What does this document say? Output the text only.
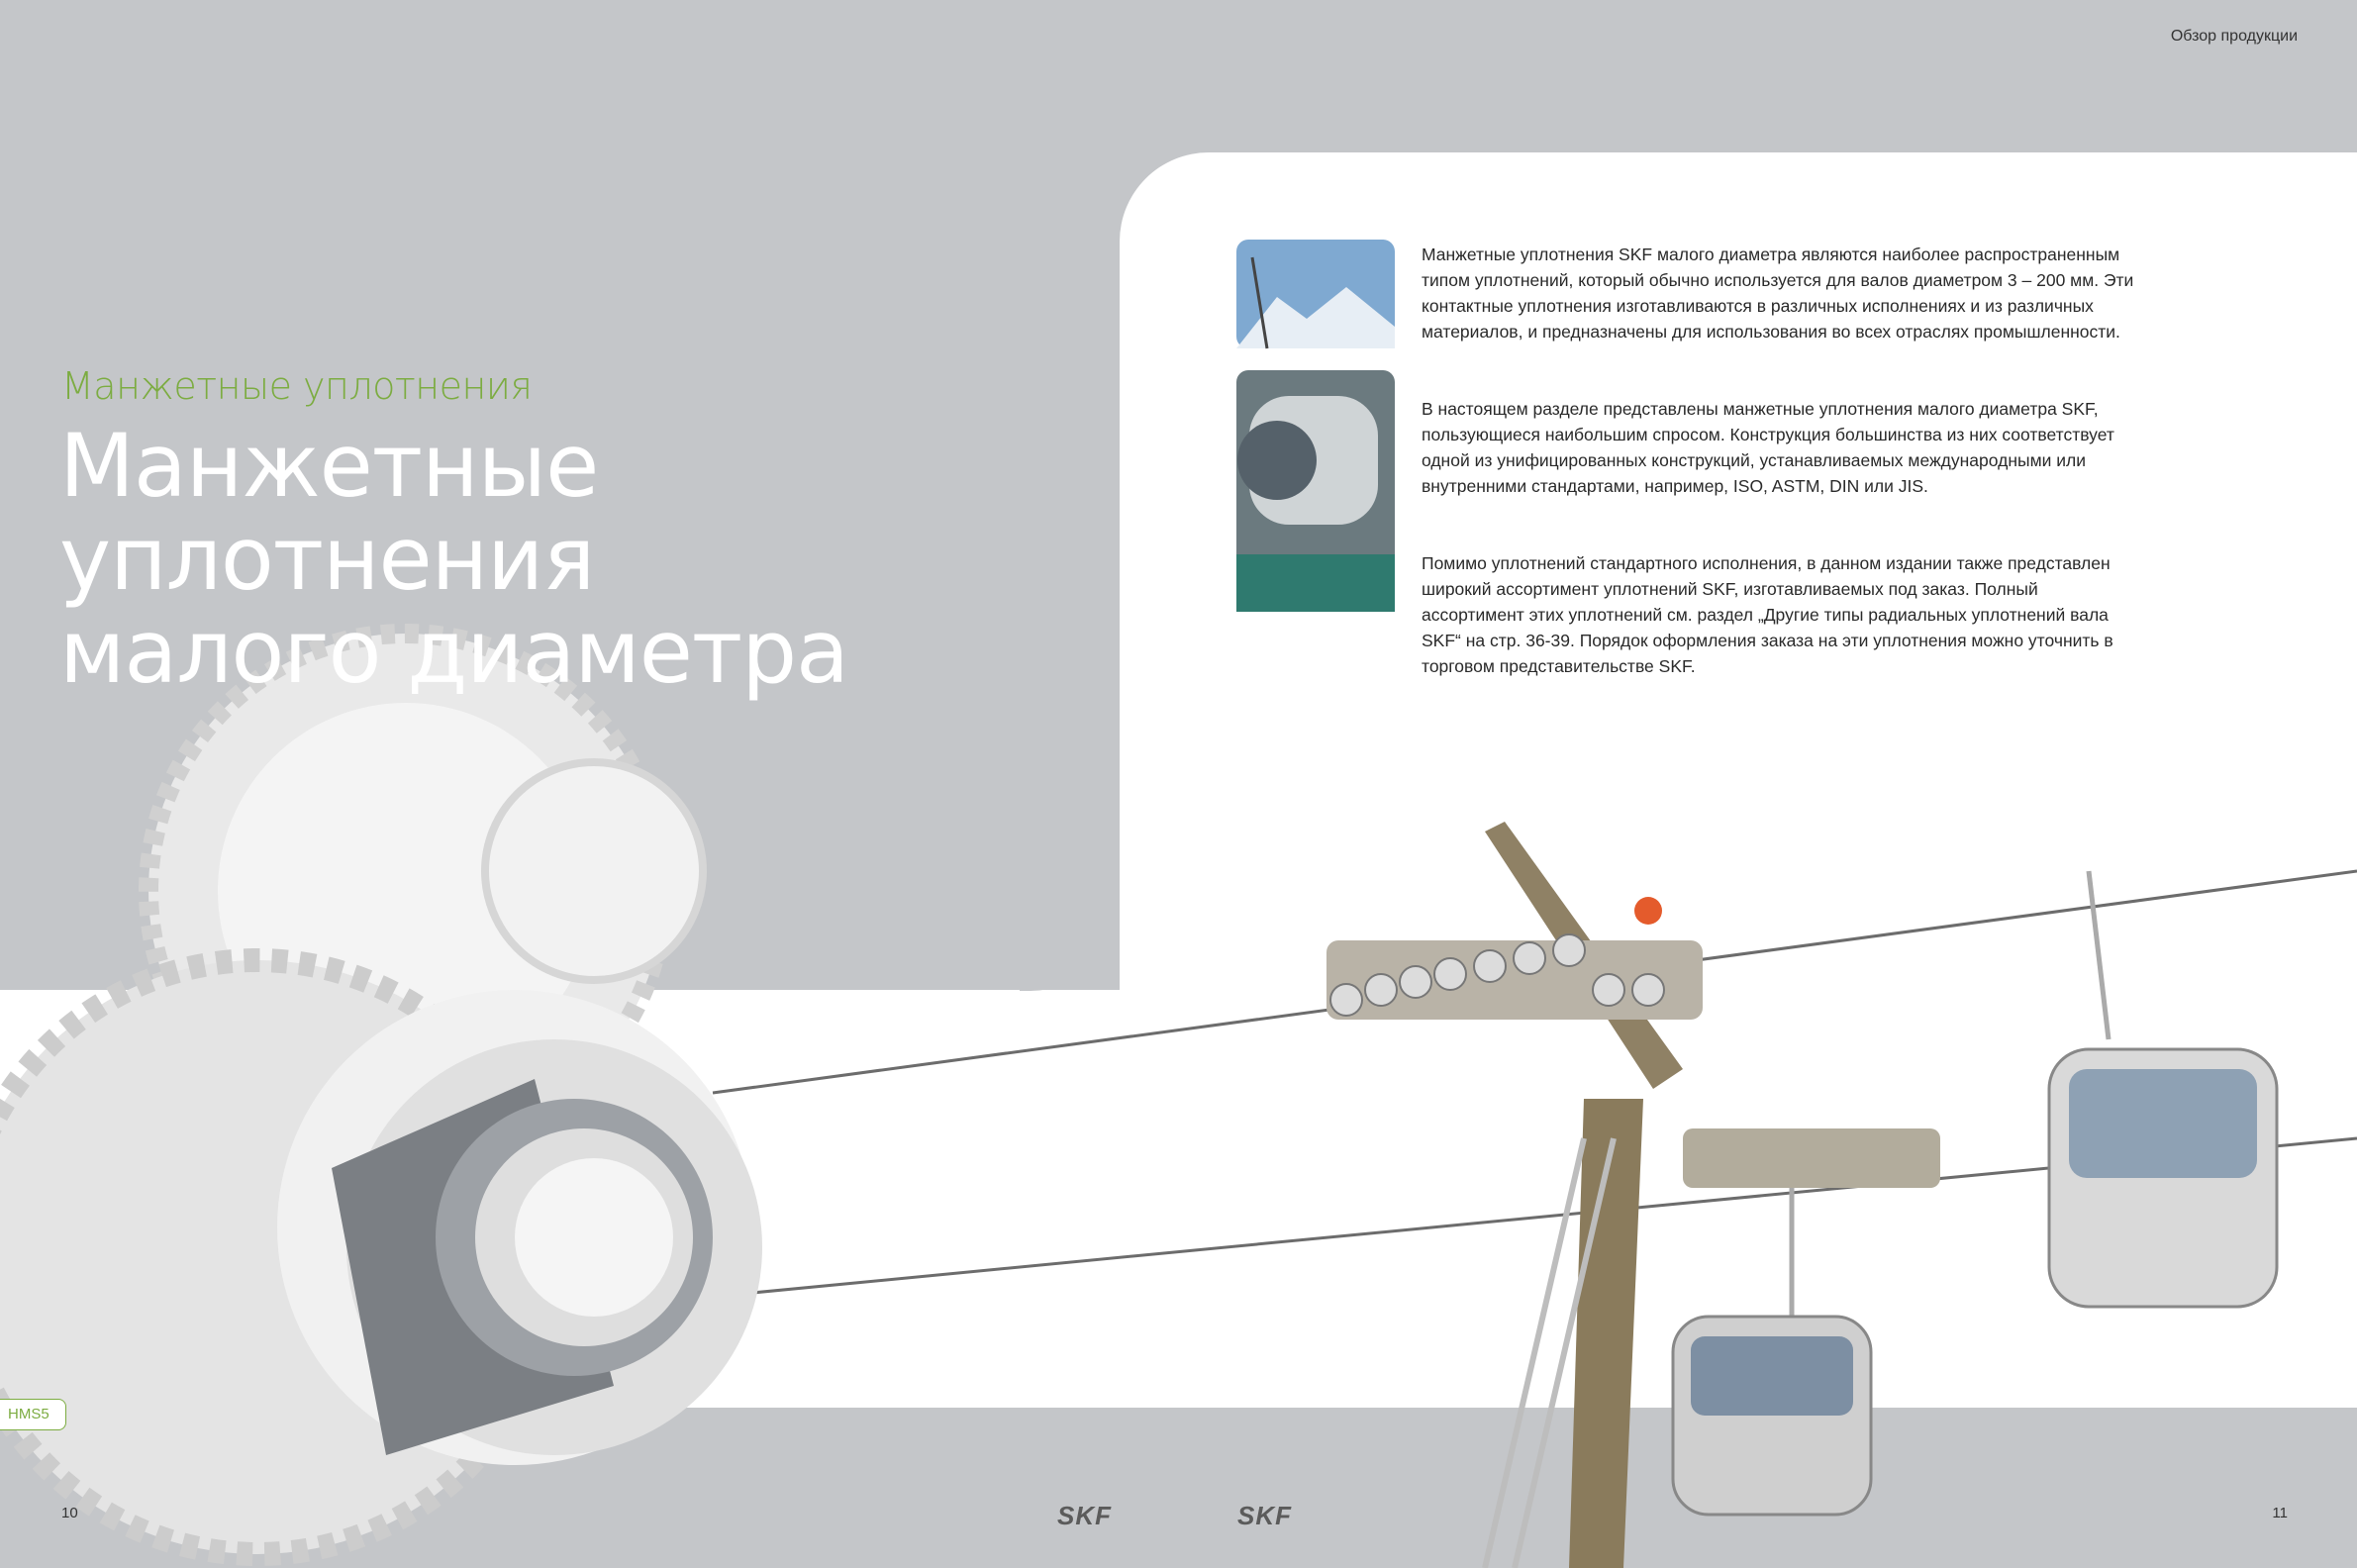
Обзор продукции
Манжетные уплотнения
Манжетные уплотнения
малого диаметра
Манжетные уплотнения SKF малого диаметра являются наиболее распространенным типом уплотнений, который обычно используется для валов диаметром 3 – 200 мм. Эти контактные уплотнения изготавливаются в различных исполнениях и из различных материалов, и предназначены для использования во всех отраслях промышленности.
В настоящем разделе представлены манжетные уплотнения малого диаметра SKF, пользующиеся наибольшим спросом. Конструкция большинства из них соответствует одной из унифицированных конструкций, устанавливаемых международными или внутренними стандартами, например, ISO, ASTM, DIN или JIS.
Помимо уплотнений стандартного исполнения, в данном издании также представлен широкий ассортимент уплотнений SKF, изготавливаемых под заказ. Полный ассортимент этих уплотнений см. раздел „Другие типы радиальных уплотнений вала SKF“ на стр. 36-39. Порядок оформления заказа на эти уплотнения можно уточнить в торговом представительстве SKF.
HMS5
10	11
SKF	SKF
